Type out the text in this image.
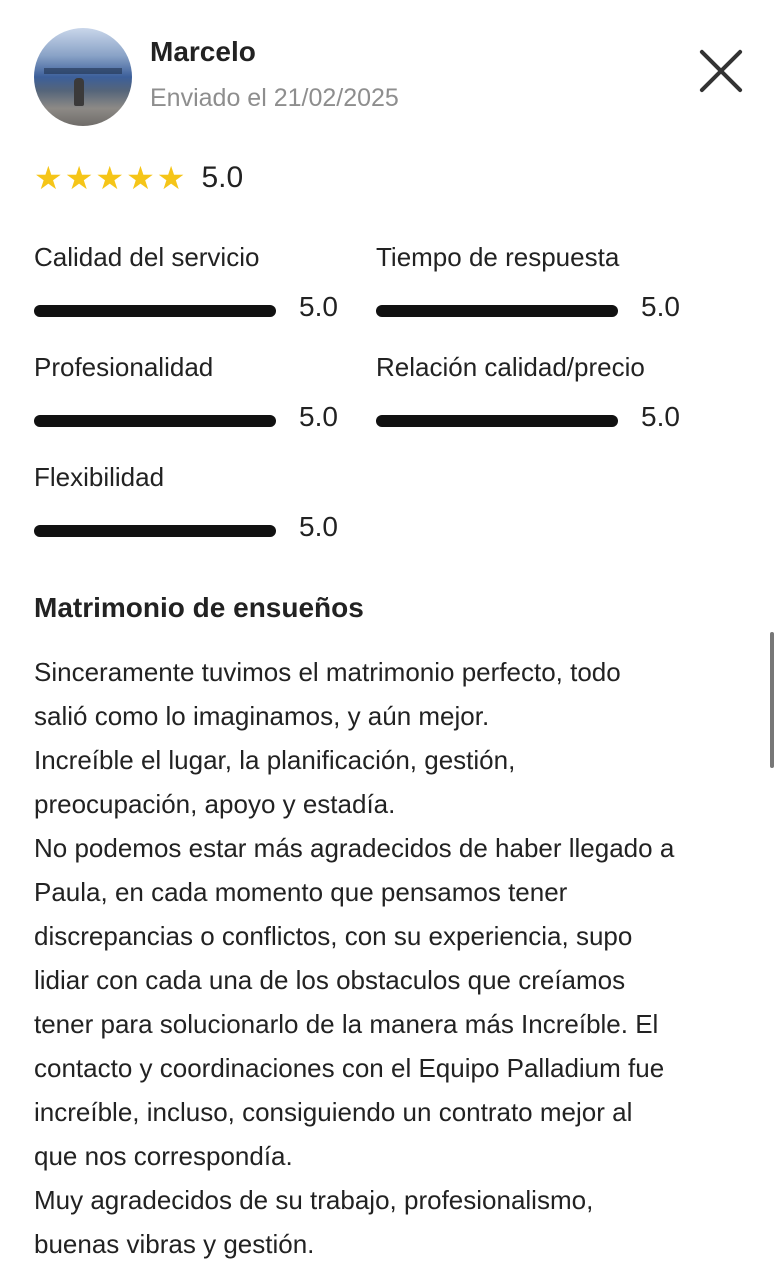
Marcelo
Enviado el 21/02/2025
★ ★ ★ ★ ★ 5.0
Calidad del servicio
5.0
Tiempo de respuesta
5.0
Profesionalidad
5.0
Relación calidad/precio
5.0
Flexibilidad
5.0
Matrimonio de ensueños
Sinceramente tuvimos el matrimonio perfecto, todo
salió como lo imaginamos, y aún mejor.
Increíble el lugar, la planificación, gestión,
preocupación, apoyo y estadía.
No podemos estar más agradecidos de haber llegado a
Paula, en cada momento que pensamos tener
discrepancias o conflictos, con su experiencia, supo
lidiar con cada una de los obstaculos que creíamos
tener para solucionarlo de la manera más Increíble. El
contacto y coordinaciones con el Equipo Palladium fue
increíble, incluso, consiguiendo un contrato mejor al
que nos correspondía.
Muy agradecidos de su trabajo, profesionalismo,
buenas vibras y gestión.
